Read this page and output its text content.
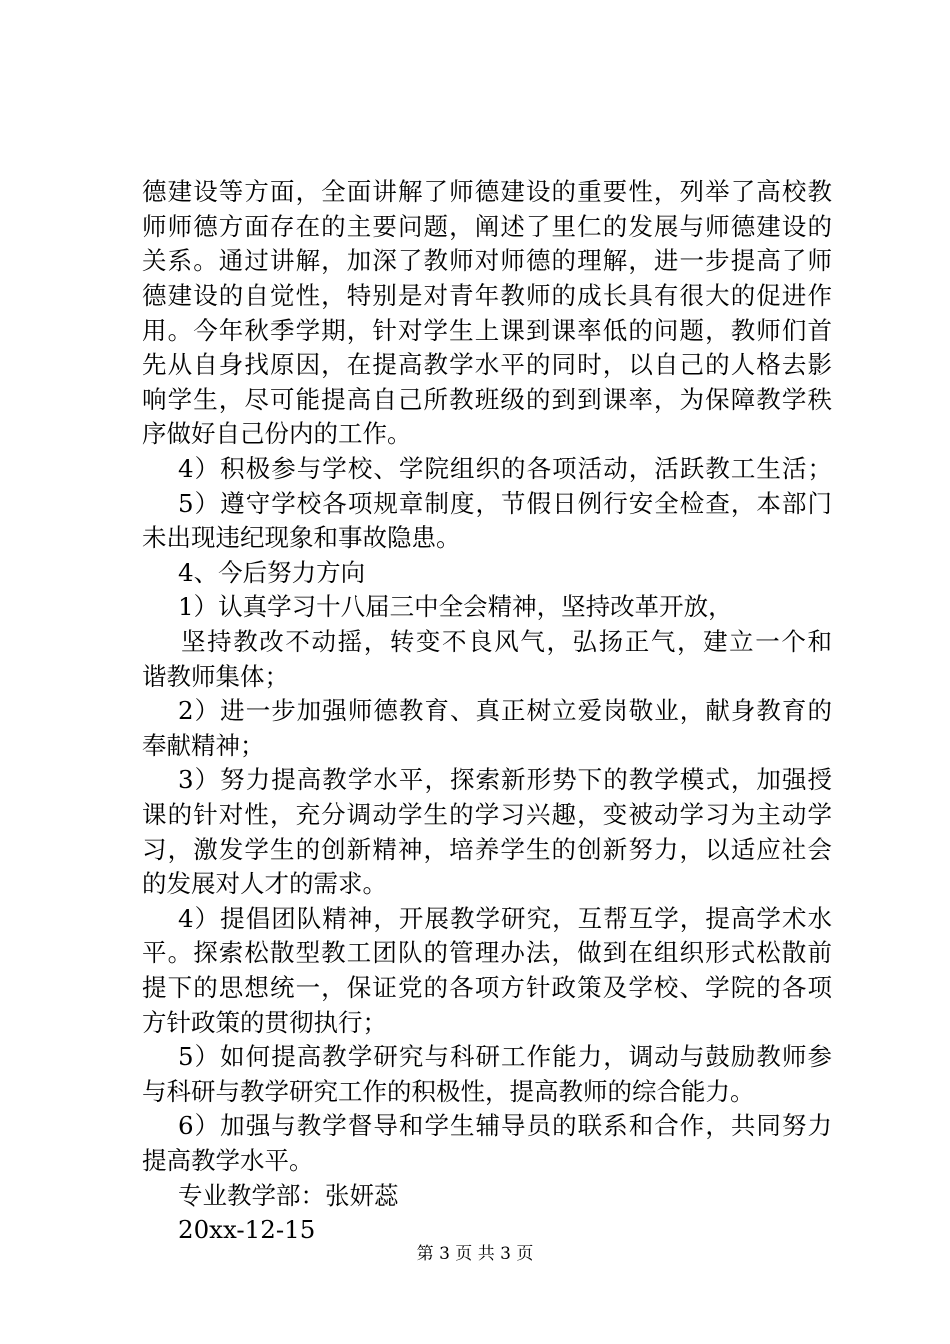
德建设等方面，全面讲解了师德建设的重要性，列举了高校教
师师德方面存在的主要问题，阐述了里仁的发展与师德建设的
关系。通过讲解，加深了教师对师德的理解，进一步提高了师
德建设的自觉性，特别是对青年教师的成长具有很大的促进作
用。今年秋季学期，针对学生上课到课率低的问题，教师们首
先从自身找原因，在提高教学水平的同时，以自己的人格去影
响学生，尽可能提高自己所教班级的到到课率，为保障教学秩
序做好自己份内的工作。
4）积极参与学校、学院组织的各项活动，活跃教工生活；
5）遵守学校各项规章制度，节假日例行安全检查，本部门
未出现违纪现象和事故隐患。
4、今后努力方向
1）认真学习十八届三中全会精神，坚持改革开放，
坚持教改不动摇，转变不良风气，弘扬正气，建立一个和
谐教师集体；
2）进一步加强师德教育、真正树立爱岗敬业，献身教育的
奉献精神；
3）努力提高教学水平，探索新形势下的教学模式，加强授
课的针对性，充分调动学生的学习兴趣，变被动学习为主动学
习，激发学生的创新精神，培养学生的创新努力，以适应社会
的发展对人才的需求。
4）提倡团队精神，开展教学研究，互帮互学，提高学术水
平。探索松散型教工团队的管理办法，做到在组织形式松散前
提下的思想统一，保证党的各项方针政策及学校、学院的各项
方针政策的贯彻执行；
5）如何提高教学研究与科研工作能力，调动与鼓励教师参
与科研与教学研究工作的积极性，提高教师的综合能力。
6）加强与教学督导和学生辅导员的联系和合作，共同努力
提高教学水平。
专业教学部：张妍蕊
20xx-12-15
第 3 页 共 3 页
